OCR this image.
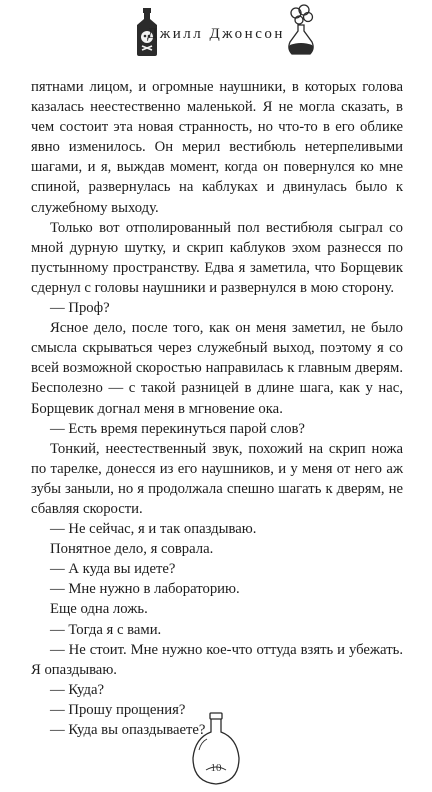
Джилл Джонсон

пятнами лицом, и огромные наушники, в которых голова казалась неестественно маленькой. Я не могла сказать, в чем состоит эта новая странность, но что-то в его облике явно изменилось. Он мерил вестибюль нетерпеливыми шагами, и я, выждав момент, когда он повернулся ко мне спиной, развернулась на каблуках и двинулась было к служебному выходу.

Только вот отполированный пол вестибюля сыграл со мной дурную шутку, и скрип каблуков эхом разнесся по пустынному пространству. Едва я заметила, что Борщевик сдернул с головы наушники и развернулся в мою сторону.

— Проф?

Ясное дело, после того, как он меня заметил, не было смысла скрываться через служебный выход, поэтому я со всей возможной скоростью направилась к главным дверям. Бесполезно — с такой разницей в длине шага, как у нас, Борщевик догнал меня в мгновение ока.

— Есть время перекинуться парой слов?

Тонкий, неестественный звук, похожий на скрип ножа по тарелке, донесся из его наушников, и у меня от него аж зубы заныли, но я продолжала спешно шагать к дверям, не сбавляя скорости.

— Не сейчас, я и так опаздываю.

Понятное дело, я соврала.

— А куда вы идете?

— Мне нужно в лабораторию.

Еще одна ложь.

— Тогда я с вами.

— Не стоит. Мне нужно кое-что оттуда взять и убежать. Я опаздываю.

— Куда?

— Прошу прощения?

— Куда вы опаздываете?

10
